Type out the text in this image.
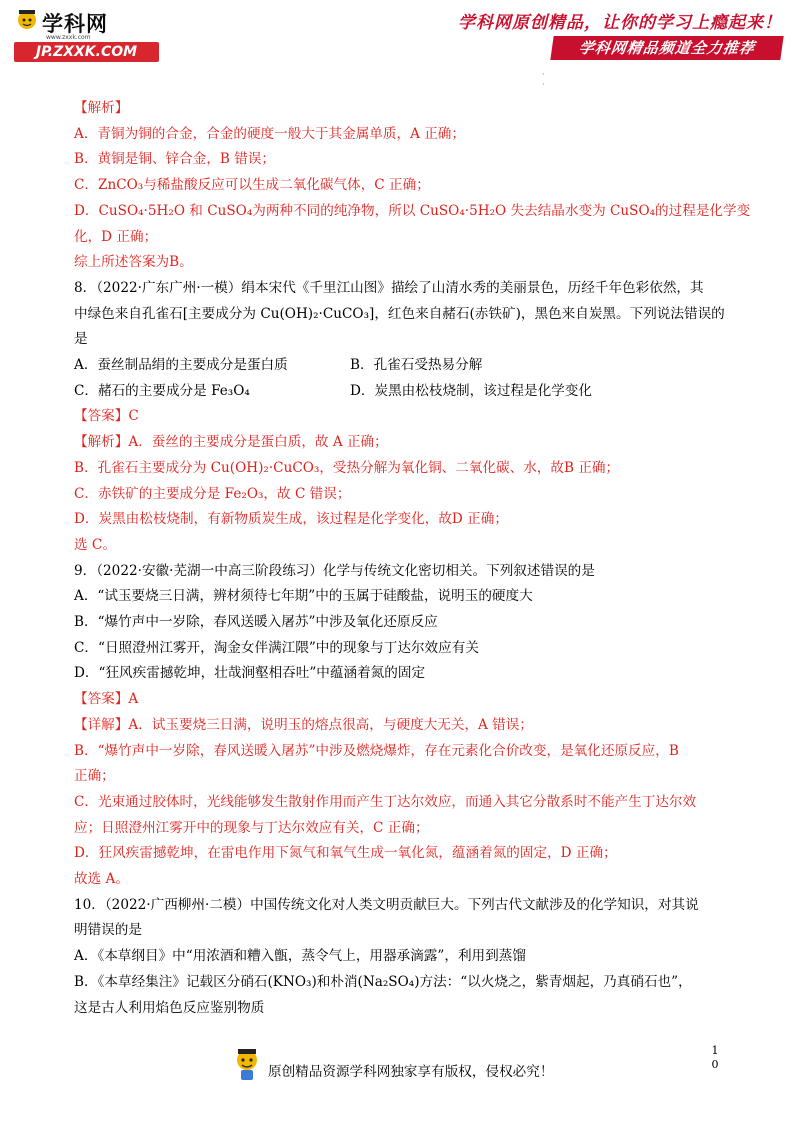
学科网
www.zxxk.com
JP.ZXXK.COM
学科网原创精品，让你的学习上瘾起来！
学科网精品频道全力推荐
·
·
【解析】
A．青铜为铜的合金，合金的硬度一般大于其金属单质，A 正确；
B．黄铜是铜、锌合金，B 错误；
C．ZnCO₃与稀盐酸反应可以生成二氧化碳气体，C 正确；
D．CuSO₄·5H₂O 和 CuSO₄为两种不同的纯净物，所以 CuSO₄·5H₂O 失去结晶水变为 CuSO₄的过程是化学变
化，D 正确；
综上所述答案为B。
8．（2022·广东广州·一模）绢本宋代《千里江山图》描绘了山清水秀的美丽景色，历经千年色彩依然，其
中绿色来自孔雀石[主要成分为 Cu(OH)₂·CuCO₃]，红色来自赭石(赤铁矿)，黑色来自炭黑。下列说法错误的
是
A．蚕丝制品绢的主要成分是蛋白质	B．孔雀石受热易分解
C．赭石的主要成分是 Fe₃O₄	D．炭黑由松枝烧制，该过程是化学变化
【答案】C
【解析】A．蚕丝的主要成分是蛋白质，故 A 正确；
B．孔雀石主要成分为 Cu(OH)₂·CuCO₃，受热分解为氧化铜、二氧化碳、水，故B 正确；
C．赤铁矿的主要成分是 Fe₂O₃，故 C 错误；
D．炭黑由松枝烧制，有新物质炭生成，该过程是化学变化，故D 正确；
选 C。
9．（2022·安徽·芜湖一中高三阶段练习）化学与传统文化密切相关。下列叙述错误的是
A．“试玉要烧三日满，辨材须待七年期”中的玉属于硅酸盐，说明玉的硬度大
B．“爆竹声中一岁除，春风送暖入屠苏”中涉及氧化还原反应
C．“日照澄州江雾开，淘金女伴满江隈”中的现象与丁达尔效应有关
D．“狂风疾雷撼乾坤，壮哉涧壑相吞吐”中蕴涵着氮的固定
【答案】A
【详解】A．试玉要烧三日满，说明玉的熔点很高，与硬度大无关，A 错误；
B．“爆竹声中一岁除，春风送暖入屠苏”中涉及燃烧爆炸，存在元素化合价改变，是氧化还原反应，B
正确；
C．光束通过胶体时，光线能够发生散射作用而产生丁达尔效应，而通入其它分散系时不能产生丁达尔效
应；日照澄州江雾开中的现象与丁达尔效应有关，C 正确；
D．狂风疾雷撼乾坤，在雷电作用下氮气和氧气生成一氧化氮，蕴涵着氮的固定，D 正确；
故选 A。
10．（2022·广西柳州·二模）中国传统文化对人类文明贡献巨大。下列古代文献涉及的化学知识，对其说
明错误的是
A．《本草纲目》中“用浓酒和糟入甑，蒸令气上，用器承滴露”，利用到蒸馏
B．《本草经集注》记载区分硝石(KNO₃)和朴消(Na₂SO₄)方法：“以火烧之，紫青烟起，乃真硝石也”，
这是古人利用焰色反应鉴别物质
原创精品资源学科网独家享有版权，侵权必究！
1
0
